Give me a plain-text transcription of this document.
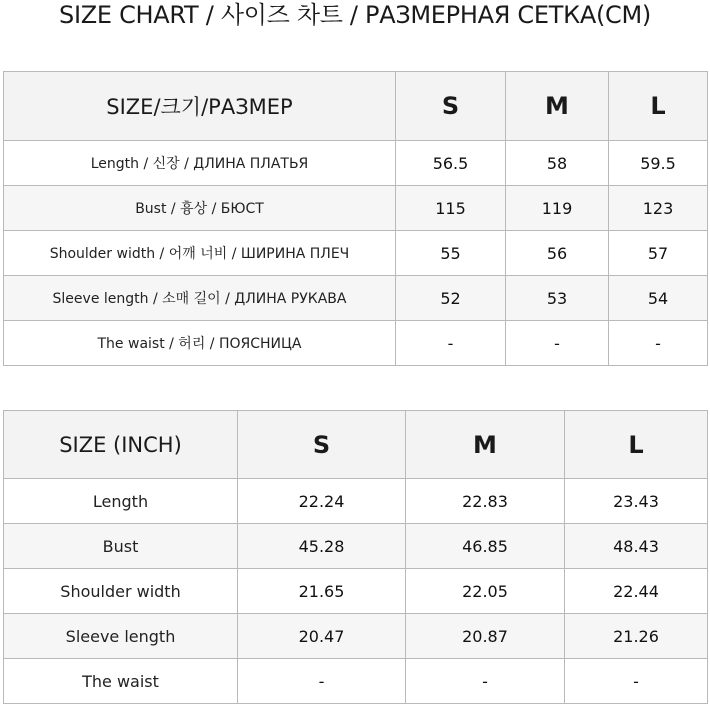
SIZE CHART / 사이즈 차트 / РАЗМЕРНАЯ СЕТКА(CM)
SIZE/크기/РАЗМЕР	S	M	L
Length / 신장 / ДЛИНА ПЛАТЬЯ	56.5	58	59.5
Bust / 흉상 / БЮСТ	115	119	123
Shoulder width / 어깨 너비 / ШИРИНА ПЛЕЧ	55	56	57
Sleeve length / 소매 길이 / ДЛИНА РУКАВА	52	53	54
The waist / 허리 / ПОЯСНИЦА	-	-	-
SIZE (INCH)	S	M	L
Length	22.24	22.83	23.43
Bust	45.28	46.85	48.43
Shoulder width	21.65	22.05	22.44
Sleeve length	20.47	20.87	21.26
The waist	-	-	-
